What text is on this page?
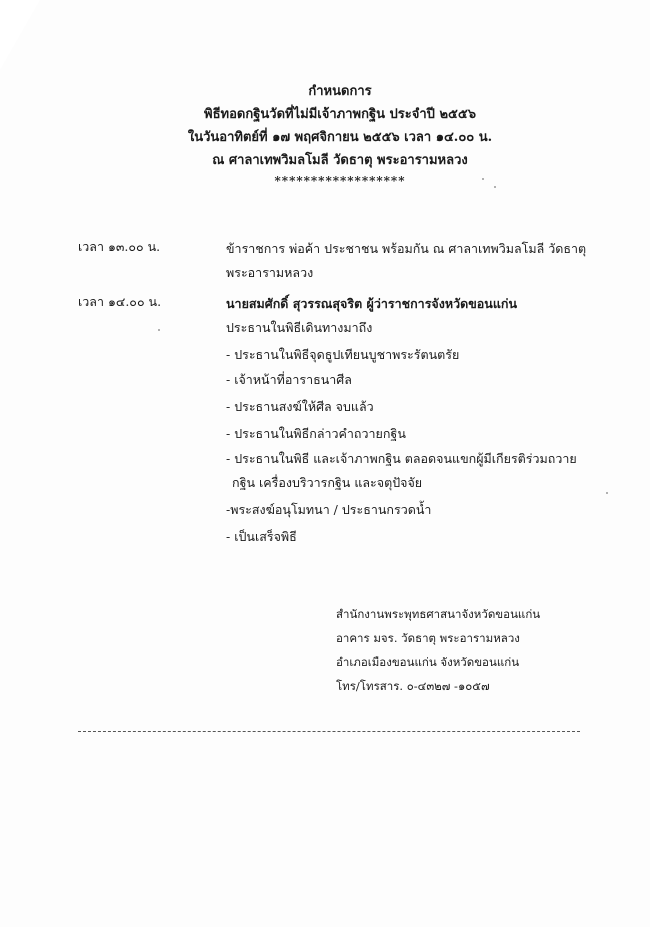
กำหนดการ
พิธีทอดกฐินวัดที่ไม่มีเจ้าภาพกฐิน ประจำปี ๒๕๕๖
ในวันอาทิตย์ที่ ๑๗ พฤศจิกายน ๒๕๕๖ เวลา ๑๔.๐๐ น.
ณ ศาลาเทพวิมลโมลี วัดธาตุ พระอารามหลวง
******************
เวลา ๑๓.๐๐ น.	ข้าราชการ พ่อค้า ประชาชน พร้อมกัน ณ ศาลาเทพวิมลโมลี วัดธาตุ พระอารามหลวง
เวลา ๑๔.๐๐ น.	นายสมศักดิ์ สุวรรณสุจริต ผู้ว่าราชการจังหวัดขอนแก่น
ประธานในพิธีเดินทางมาถึง
- ประธานในพิธีจุดธูปเทียนบูชาพระรัตนตรัย
- เจ้าหน้าที่อาราธนาศีล
- ประธานสงฆ์ให้ศีล จบแล้ว
- ประธานในพิธีกล่าวคำถวายกฐิน
- ประธานในพิธี และเจ้าภาพกฐิน ตลอดจนแขกผู้มีเกียรติร่วมถวาย
กฐิน เครื่องบริวารกฐิน และจตุปัจจัย
-พระสงฆ์อนุโมทนา / ประธานกรวดน้ำ
- เป็นเสร็จพิธี
สำนักงานพระพุทธศาสนาจังหวัดขอนแก่น
อาคาร มจร. วัดธาตุ พระอารามหลวง
อำเภอเมืองขอนแก่น จังหวัดขอนแก่น
โทร/โทรสาร. ๐-๔๓๒๗ -๑๐๕๗
